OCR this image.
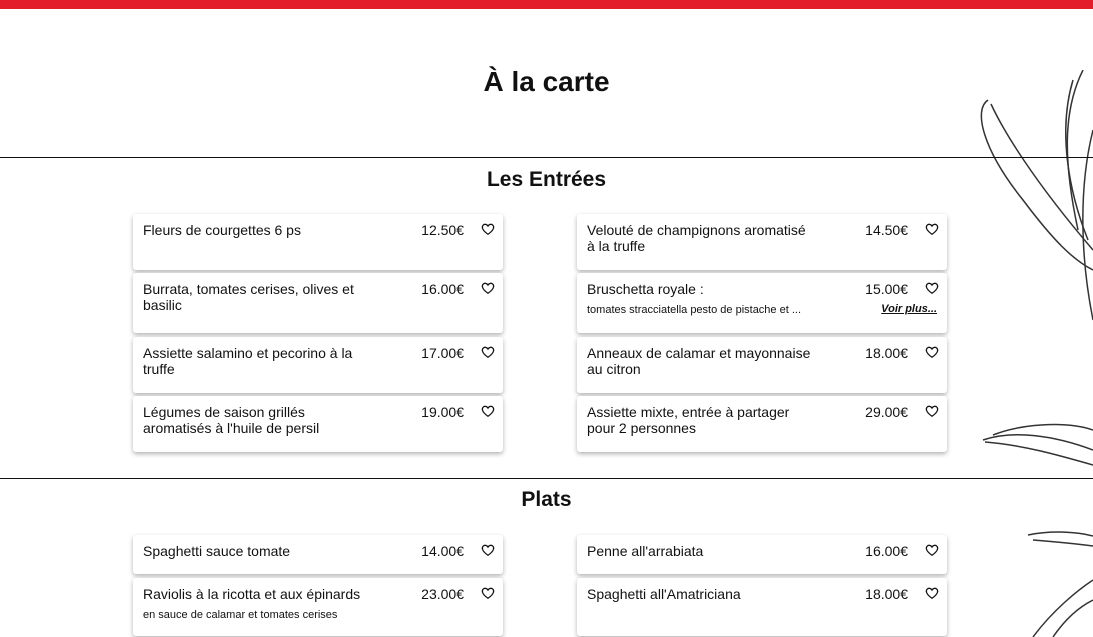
À la carte
Les Entrées
Fleurs de courgettes 6 ps	12.50€	Velouté de champignons aromatisé à la truffe
14.50€
Burrata, tomates cerises, olives et basilic
16.00€	Bruschetta royale :	15.00€
tomates stracciatella pesto de pistache et ...	Voir plus...
Assiette salamino et pecorino à la truffe
17.00€	Anneaux de calamar et mayonnaise au citron
18.00€
Légumes de saison grillés aromatisés à l'huile de persil
19.00€	Assiette mixte, entrée à partager pour 2 personnes
29.00€
Plats
Spaghetti sauce tomate	14.00€	Penne all'arrabiata	16.00€
Raviolis à la ricotta et aux épinards	23.00€
en sauce de calamar et tomates cerises
Spaghetti all'Amatriciana	18.00€
